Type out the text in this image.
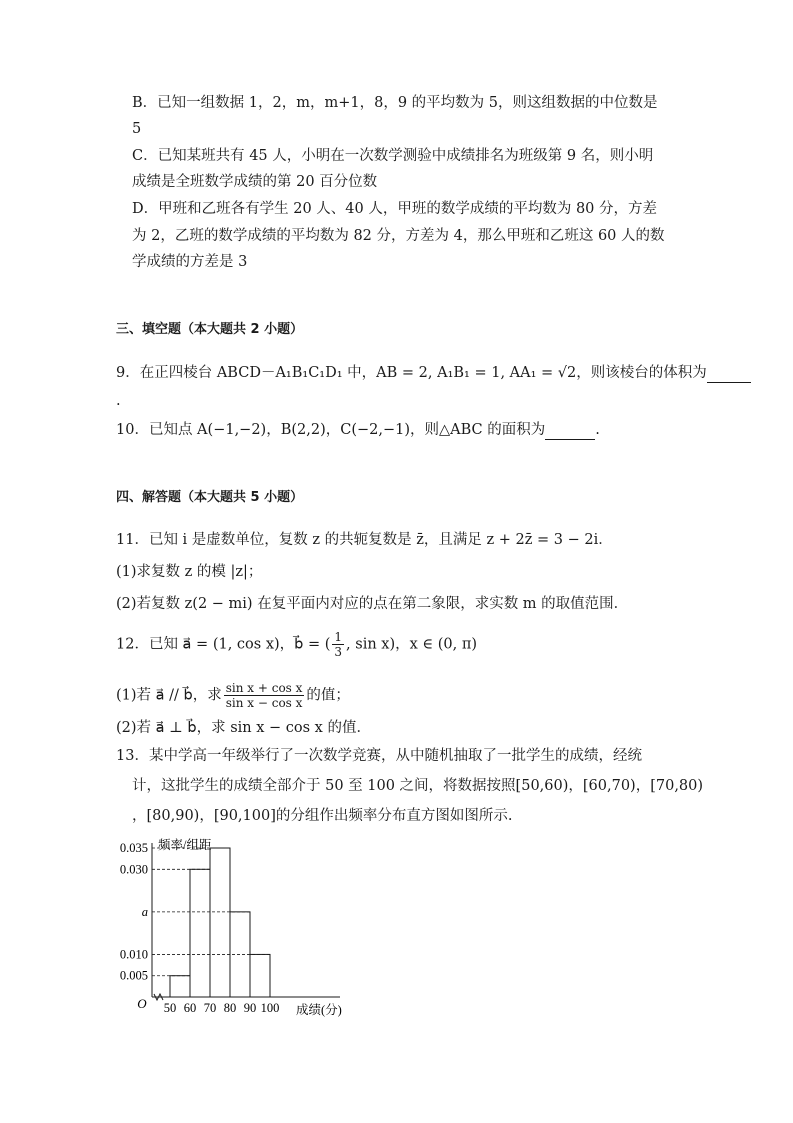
B．已知一组数据 1，2，m，m+1，8，9 的平均数为 5，则这组数据的中位数是
5
C．已知某班共有 45 人，小明在一次数学测验中成绩排名为班级第 9 名，则小明
成绩是全班数学成绩的第 20 百分位数
D．甲班和乙班各有学生 20 人、40 人，甲班的数学成绩的平均数为 80 分，方差
为 2，乙班的数学成绩的平均数为 82 分，方差为 4，那么甲班和乙班这 60 人的数
学成绩的方差是 3
三、填空题（本大题共 2 小题）
9．在正四棱台 ABCD－A₁B₁C₁D₁ 中，AB = 2, A₁B₁ = 1, AA₁ = √2，则该棱台的体积为
.
10．已知点 A(−1,−2)，B(2,2)，C(−2,−1)，则△ABC 的面积为	.
四、解答题（本大题共 5 小题）
11．已知 i 是虚数单位，复数 z 的共轭复数是 z̄，且满足 z + 2z̄ = 3 − 2i．
(1)求复数 z 的模 |z|；
(2)若复数 z(2 − mi) 在复平面内对应的点在第二象限，求实数 m 的取值范围．
12．已知 a⃗ = (1, cos x)，b⃗ = ( $\frac{1}{3}$ , sin x)，x ∈ (0, π)
(1)若 a⃗ // b⃗，求 $\frac{\text{sin x + cos x}}{\text{sin x − cos x}}$ 的值；
(2)若 a⃗ ⊥ b⃗，求 sin x − cos x 的值．
13．某中学高一年级举行了一次数学竞赛，从中随机抽取了一批学生的成绩，经统
计，这批学生的成绩全部介于 50 至 100 之间，将数据按照[50,60)，[60,70)，[70,80)
，[80,90)，[90,100]的分组作出频率分布直方图如图所示.
0.035
0.030
a
0.010
0.005
50 60 70 80 90 100
O
频率/组距
成绩(分)
